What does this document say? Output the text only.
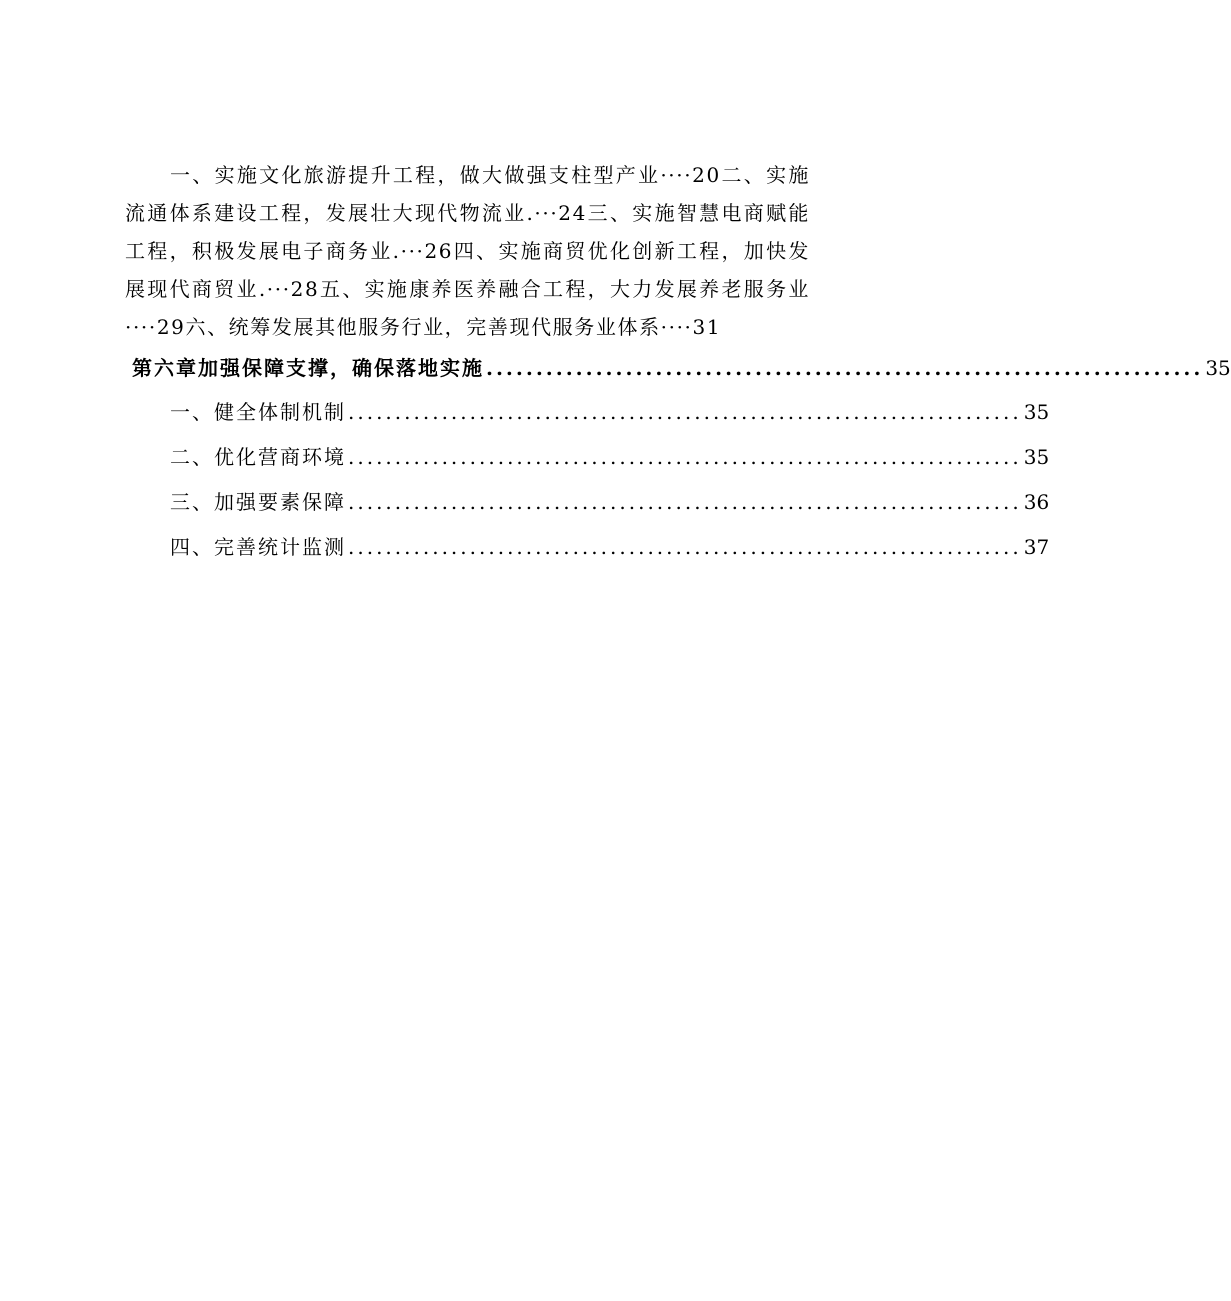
一、实施文化旅游提升工程，做大做强支柱型产业····20二、实施流通体系建设工程，发展壮大现代物流业.···24三、实施智慧电商赋能工程，积极发展电子商务业.···26四、实施商贸优化创新工程，加快发展现代商贸业.···28五、实施康养医养融合工程，大力发展养老服务业····29六、统筹发展其他服务行业，完善现代服务业体系····31

第六章加强保障支撑，确保落地实施 ........................................................................ 35
一、健全体制机制 ........................................................................ 35
二、优化营商环境 ........................................................................ 35
三、加强要素保障 ........................................................................ 36
四、完善统计监测 ........................................................................ 37
